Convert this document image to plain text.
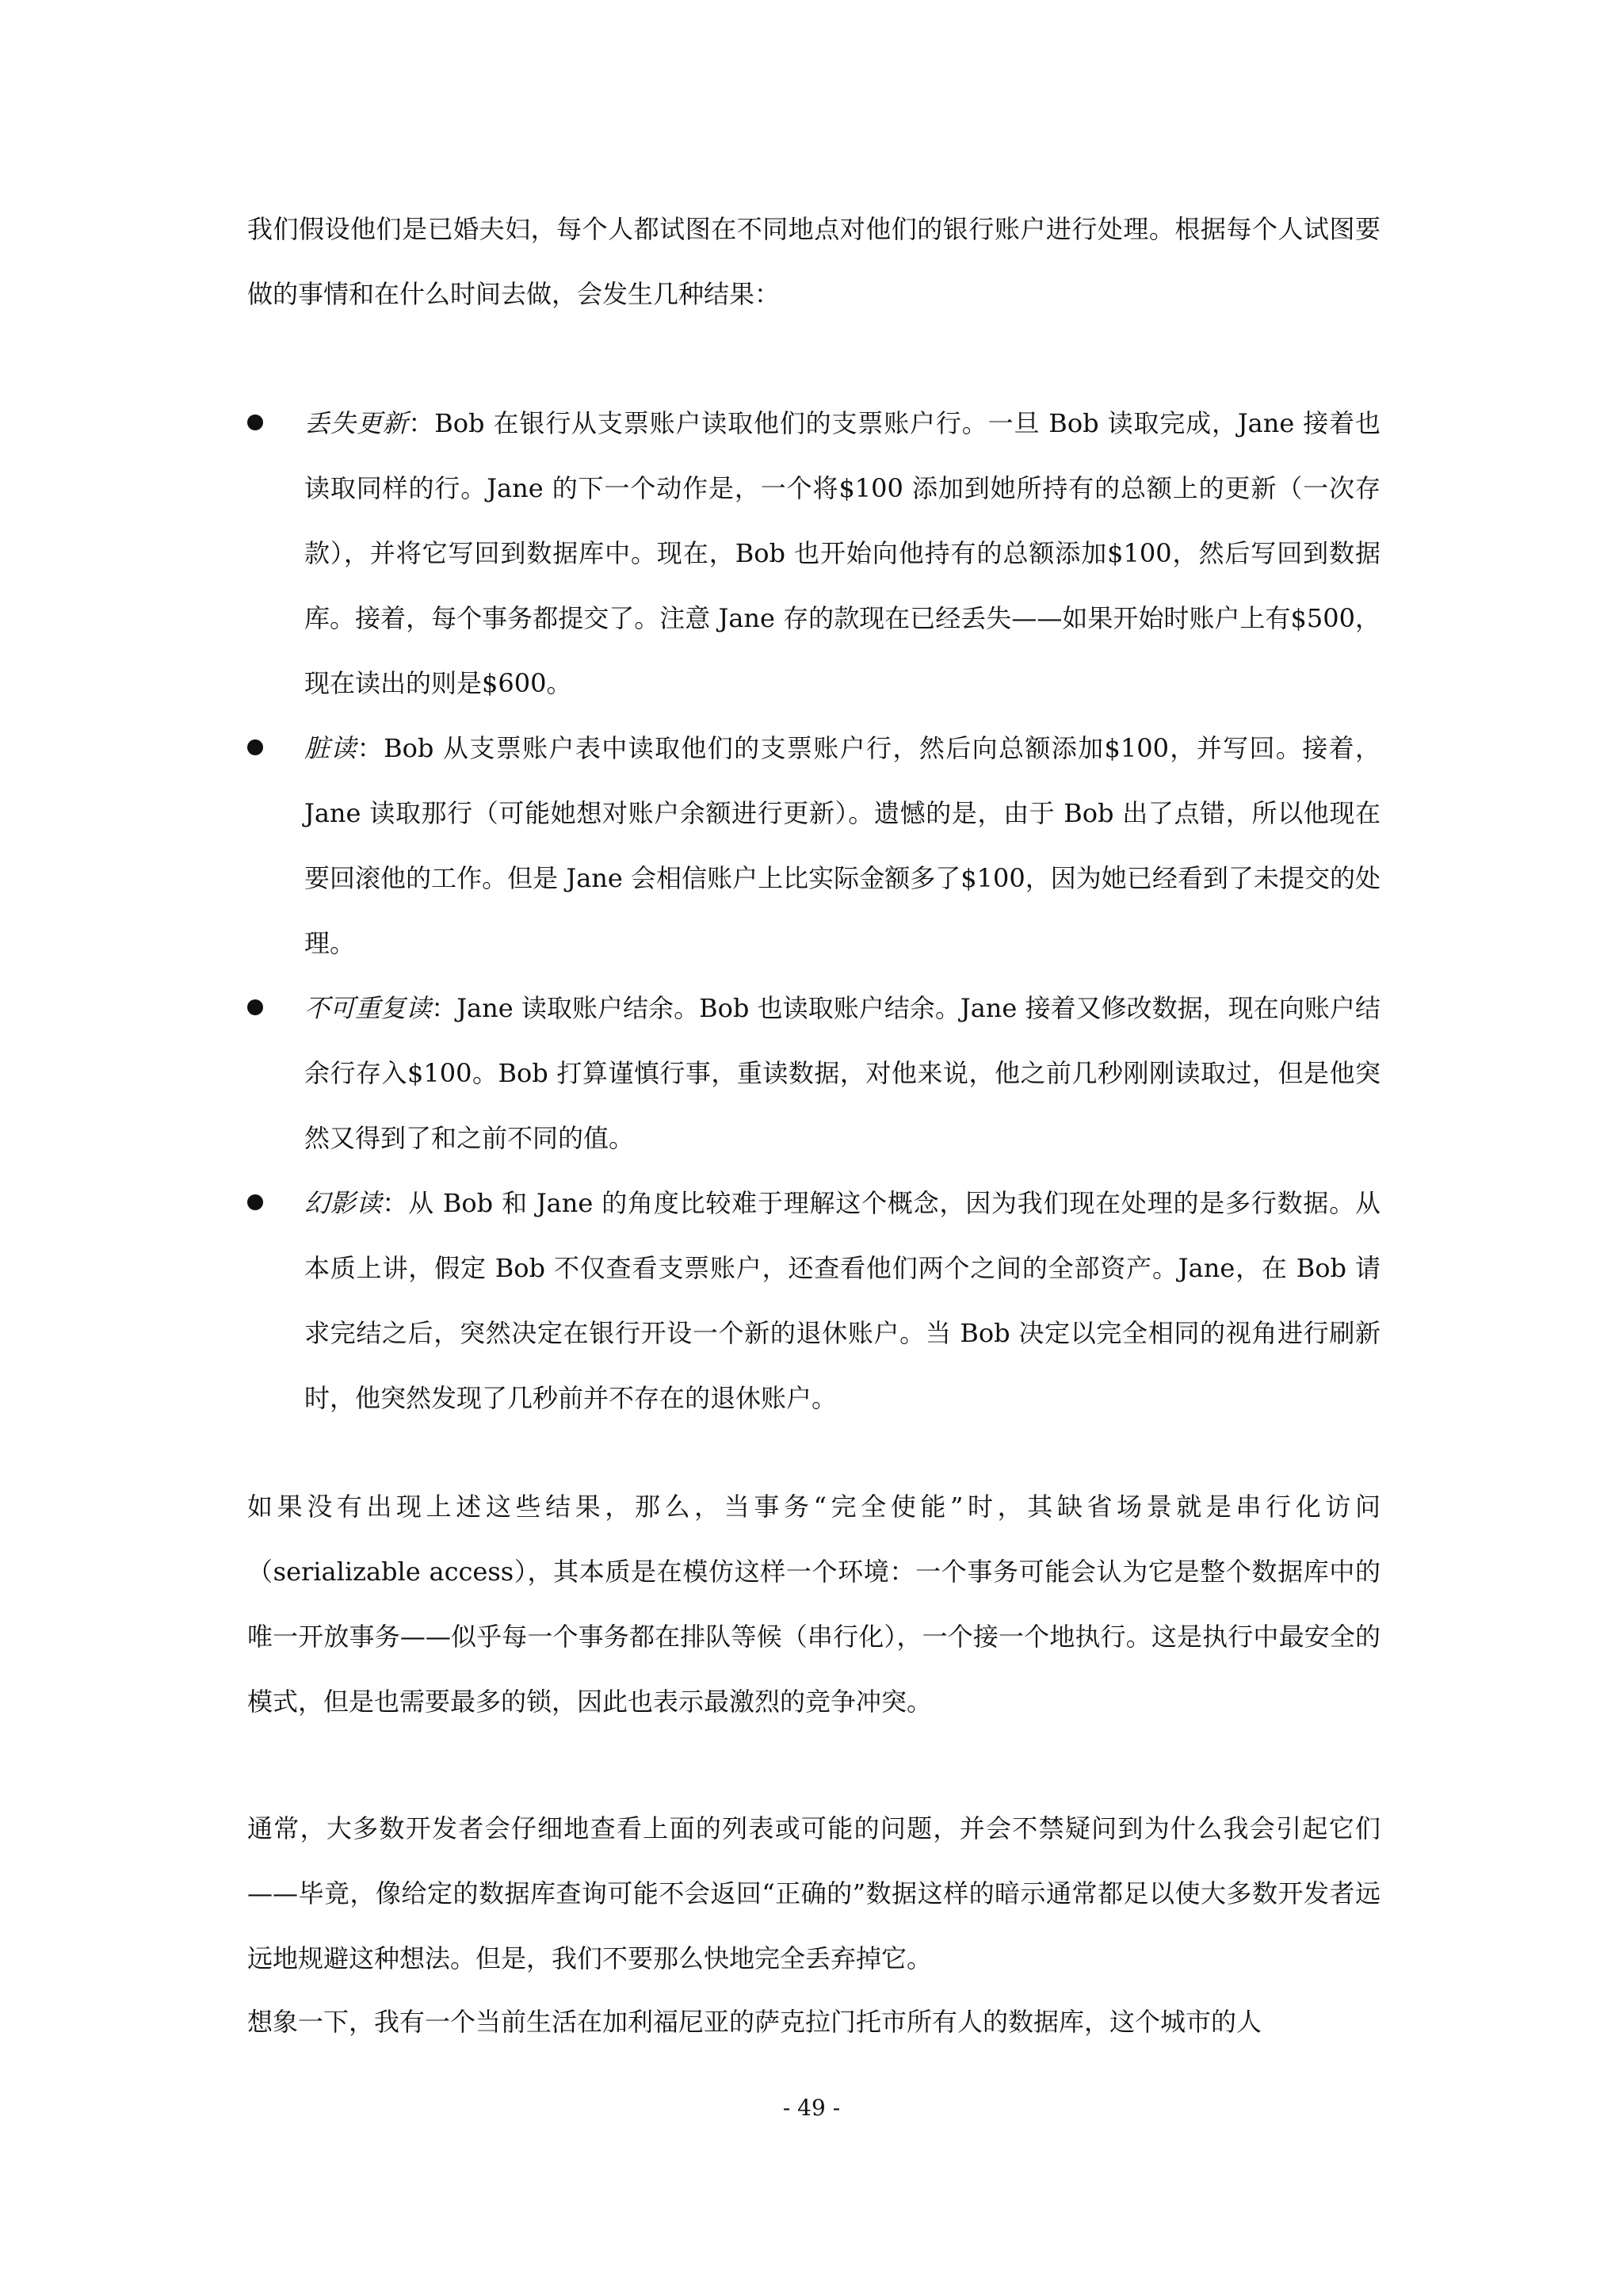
我们假设他们是已婚夫妇，每个人都试图在不同地点对他们的银行账户进行处理。根据每个人试图要做的事情和在什么时间去做，会发生几种结果：

丢失更新：Bob 在银行从支票账户读取他们的支票账户行。一旦 Bob 读取完成，Jane 接着也读取同样的行。Jane 的下一个动作是，一个将$100 添加到她所持有的总额上的更新（一次存款），并将它写回到数据库中。现在，Bob 也开始向他持有的总额添加$100，然后写回到数据库。接着，每个事务都提交了。注意 Jane 存的款现在已经丢失——如果开始时账户上有$500，现在读出的则是$600。
脏读：Bob 从支票账户表中读取他们的支票账户行，然后向总额添加$100，并写回。接着，Jane 读取那行（可能她想对账户余额进行更新）。遗憾的是，由于 Bob 出了点错，所以他现在要回滚他的工作。但是 Jane 会相信账户上比实际金额多了$100，因为她已经看到了未提交的处理。
不可重复读：Jane 读取账户结余。Bob 也读取账户结余。Jane 接着又修改数据，现在向账户结余行存入$100。Bob 打算谨慎行事，重读数据，对他来说，他之前几秒刚刚读取过，但是他突然又得到了和之前不同的值。
幻影读：从 Bob 和 Jane 的角度比较难于理解这个概念，因为我们现在处理的是多行数据。从本质上讲，假定 Bob 不仅查看支票账户，还查看他们两个之间的全部资产。Jane，在 Bob 请求完结之后，突然决定在银行开设一个新的退休账户。当 Bob 决定以完全相同的视角进行刷新时，他突然发现了几秒前并不存在的退休账户。

如果没有出现上述这些结果，那么，当事务“完全使能”时，其缺省场景就是串行化访问（serializable access），其本质是在模仿这样一个环境：一个事务可能会认为它是整个数据库中的唯一开放事务——似乎每一个事务都在排队等候（串行化），一个接一个地执行。这是执行中最安全的模式，但是也需要最多的锁，因此也表示最激烈的竞争冲突。

通常，大多数开发者会仔细地查看上面的列表或可能的问题，并会不禁疑问到为什么我会引起它们——毕竟，像给定的数据库查询可能不会返回“正确的”数据这样的暗示通常都足以使大多数开发者远远地规避这种想法。但是，我们不要那么快地完全丢弃掉它。

想象一下，我有一个当前生活在加利福尼亚的萨克拉门托市所有人的数据库，这个城市的人

- 49 -
